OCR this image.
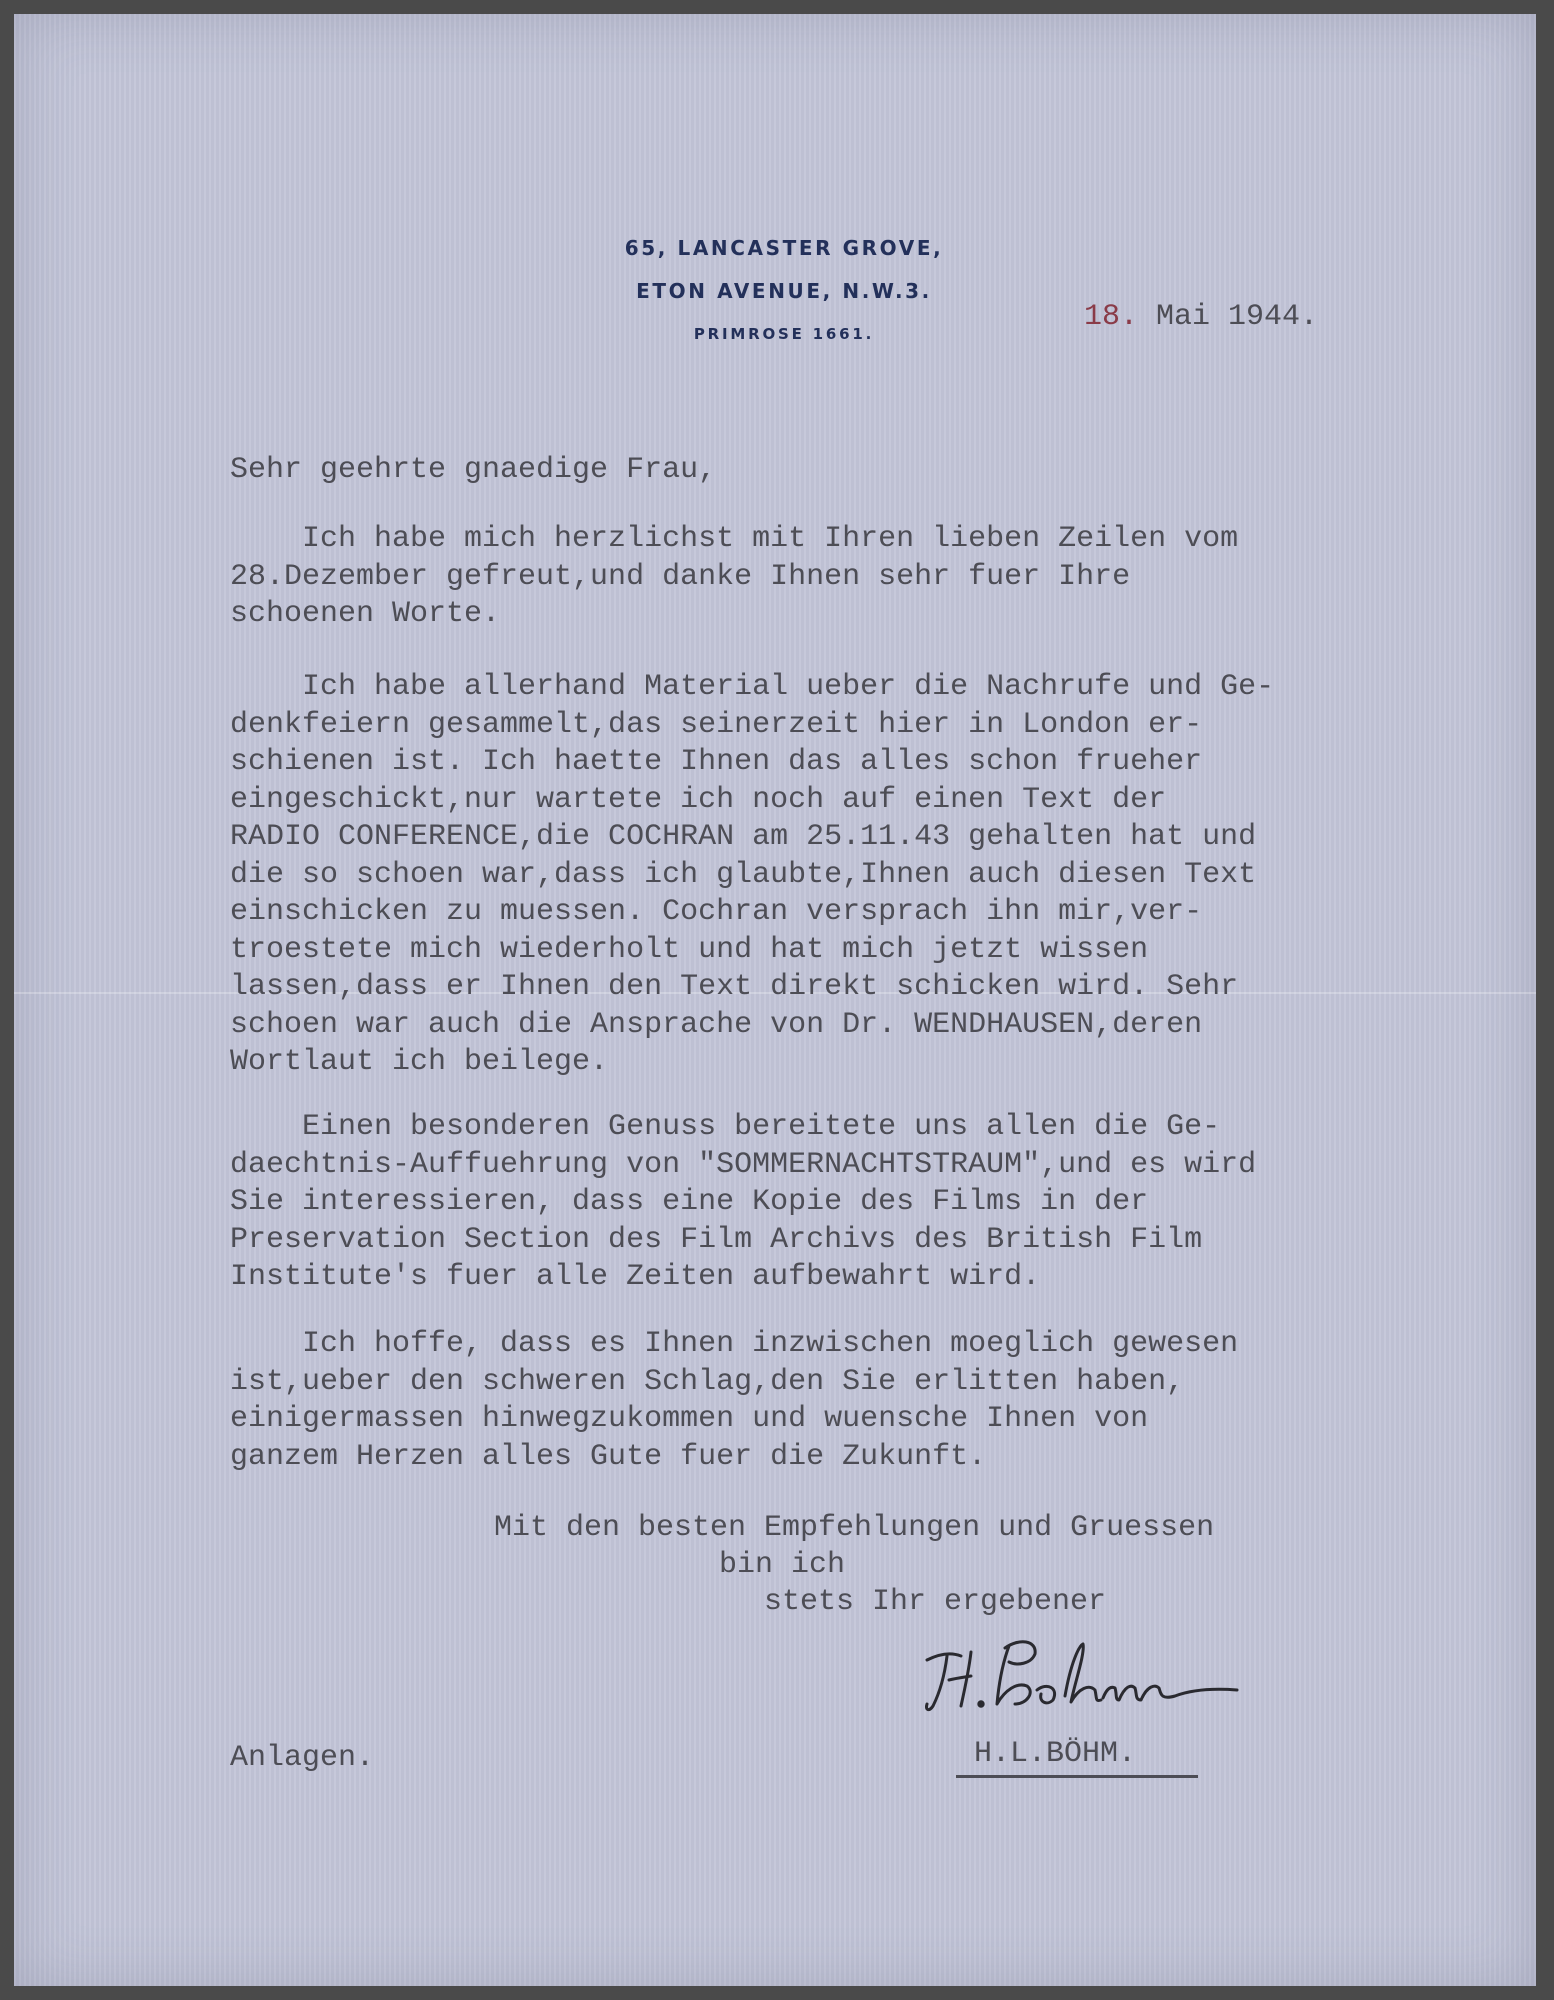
65, LANCASTER GROVE,
ETON AVENUE, N.W.3.
PRIMROSE 1661.	18. Mai 1944.
Sehr geehrte gnaedige Frau,
Ich habe mich herzlichst mit Ihren lieben Zeilen vom
28.Dezember gefreut,und danke Ihnen sehr fuer Ihre
schoenen Worte.
Ich habe allerhand Material ueber die Nachrufe und Ge-
denkfeiern gesammelt,das seinerzeit hier in London er-
schienen ist. Ich haette Ihnen das alles schon frueher
eingeschickt,nur wartete ich noch auf einen Text der
RADIO CONFERENCE,die COCHRAN am 25.11.43 gehalten hat und
die so schoen war,dass ich glaubte,Ihnen auch diesen Text
einschicken zu muessen. Cochran versprach ihn mir,ver-
troestete mich wiederholt und hat mich jetzt wissen
lassen,dass er Ihnen den Text direkt schicken wird. Sehr
schoen war auch die Ansprache von Dr. WENDHAUSEN,deren
Wortlaut ich beilege.
Einen besonderen Genuss bereitete uns allen die Ge-
daechtnis-Auffuehrung von "SOMMERNACHTSTRAUM",und es wird
Sie interessieren, dass eine Kopie des Films in der
Preservation Section des Film Archivs des British Film
Institute's fuer alle Zeiten aufbewahrt wird.
Ich hoffe, dass es Ihnen inzwischen moeglich gewesen
ist,ueber den schweren Schlag,den Sie erlitten haben,
einigermassen hinwegzukommen und wuensche Ihnen von
ganzem Herzen alles Gute fuer die Zukunft.
Mit den besten Empfehlungen und Gruessen
bin ich
stets Ihr ergebener
H.L.BÖHM.
Anlagen.
